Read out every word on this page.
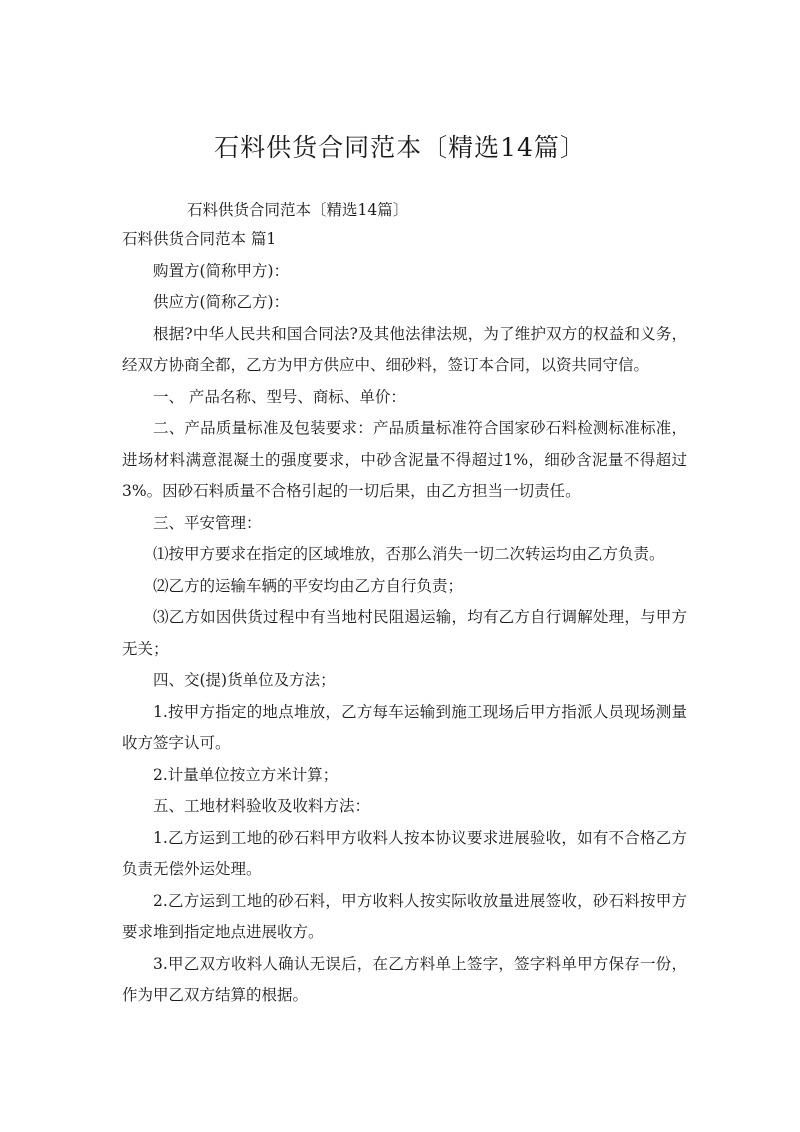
石料供货合同范本〔精选14篇〕

石料供货合同范本〔精选14篇〕

石料供货合同范本 篇1

购置方(简称甲方)：

供应方(简称乙方)：

根据?中华人民共和国合同法?及其他法律法规，为了维护双方的权益和义务，经双方协商全都，乙方为甲方供应中、细砂料，签订本合同，以资共同守信。

一、 产品名称、型号、商标、单价：

二、产品质量标准及包装要求：产品质量标准符合国家砂石料检测标准标准，进场材料满意混凝土的强度要求，中砂含泥量不得超过1%，细砂含泥量不得超过3%。因砂石料质量不合格引起的一切后果，由乙方担当一切责任。

三、平安管理：

⑴按甲方要求在指定的区域堆放，否那么消失一切二次转运均由乙方负责。

⑵乙方的运输车辆的平安均由乙方自行负责；

⑶乙方如因供货过程中有当地村民阻遏运输，均有乙方自行调解处理，与甲方无关；

四、交(提)货单位及方法；

1.按甲方指定的地点堆放，乙方每车运输到施工现场后甲方指派人员现场测量收方签字认可。

2.计量单位按立方米计算；

五、工地材料验收及收料方法：

1.乙方运到工地的砂石料甲方收料人按本协议要求进展验收，如有不合格乙方负责无偿外运处理。

2.乙方运到工地的砂石料，甲方收料人按实际收放量进展签收，砂石料按甲方要求堆到指定地点进展收方。

3.甲乙双方收料人确认无误后，在乙方料单上签字，签字料单甲方保存一份，作为甲乙双方结算的根据。
